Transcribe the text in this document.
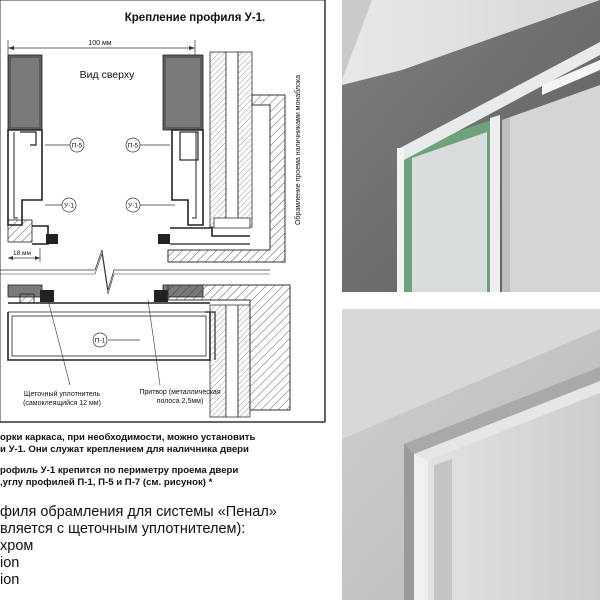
Крепление профиля У-1.
100 мм
Вид сверху	Обрамление проема наличниками монаблока
П-5	П-5
У-1	У-1
18 мм
П-1
Щеточный уплотнитель
(самоклеящийся 12 мм)
Притвор (металлическая
полоса 2,5мм)
орки каркаса, при необходимости, можно установить
и У-1. Они служат креплением для наличника двери
рофиль У-1 крепится по периметру проема двери
,углу профилей П-1, П-5 и П-7 (см. рисунок) *
филя обрамления для системы «Пенал»
вляется с щеточным уплотнителем):
хром
ion
ion
